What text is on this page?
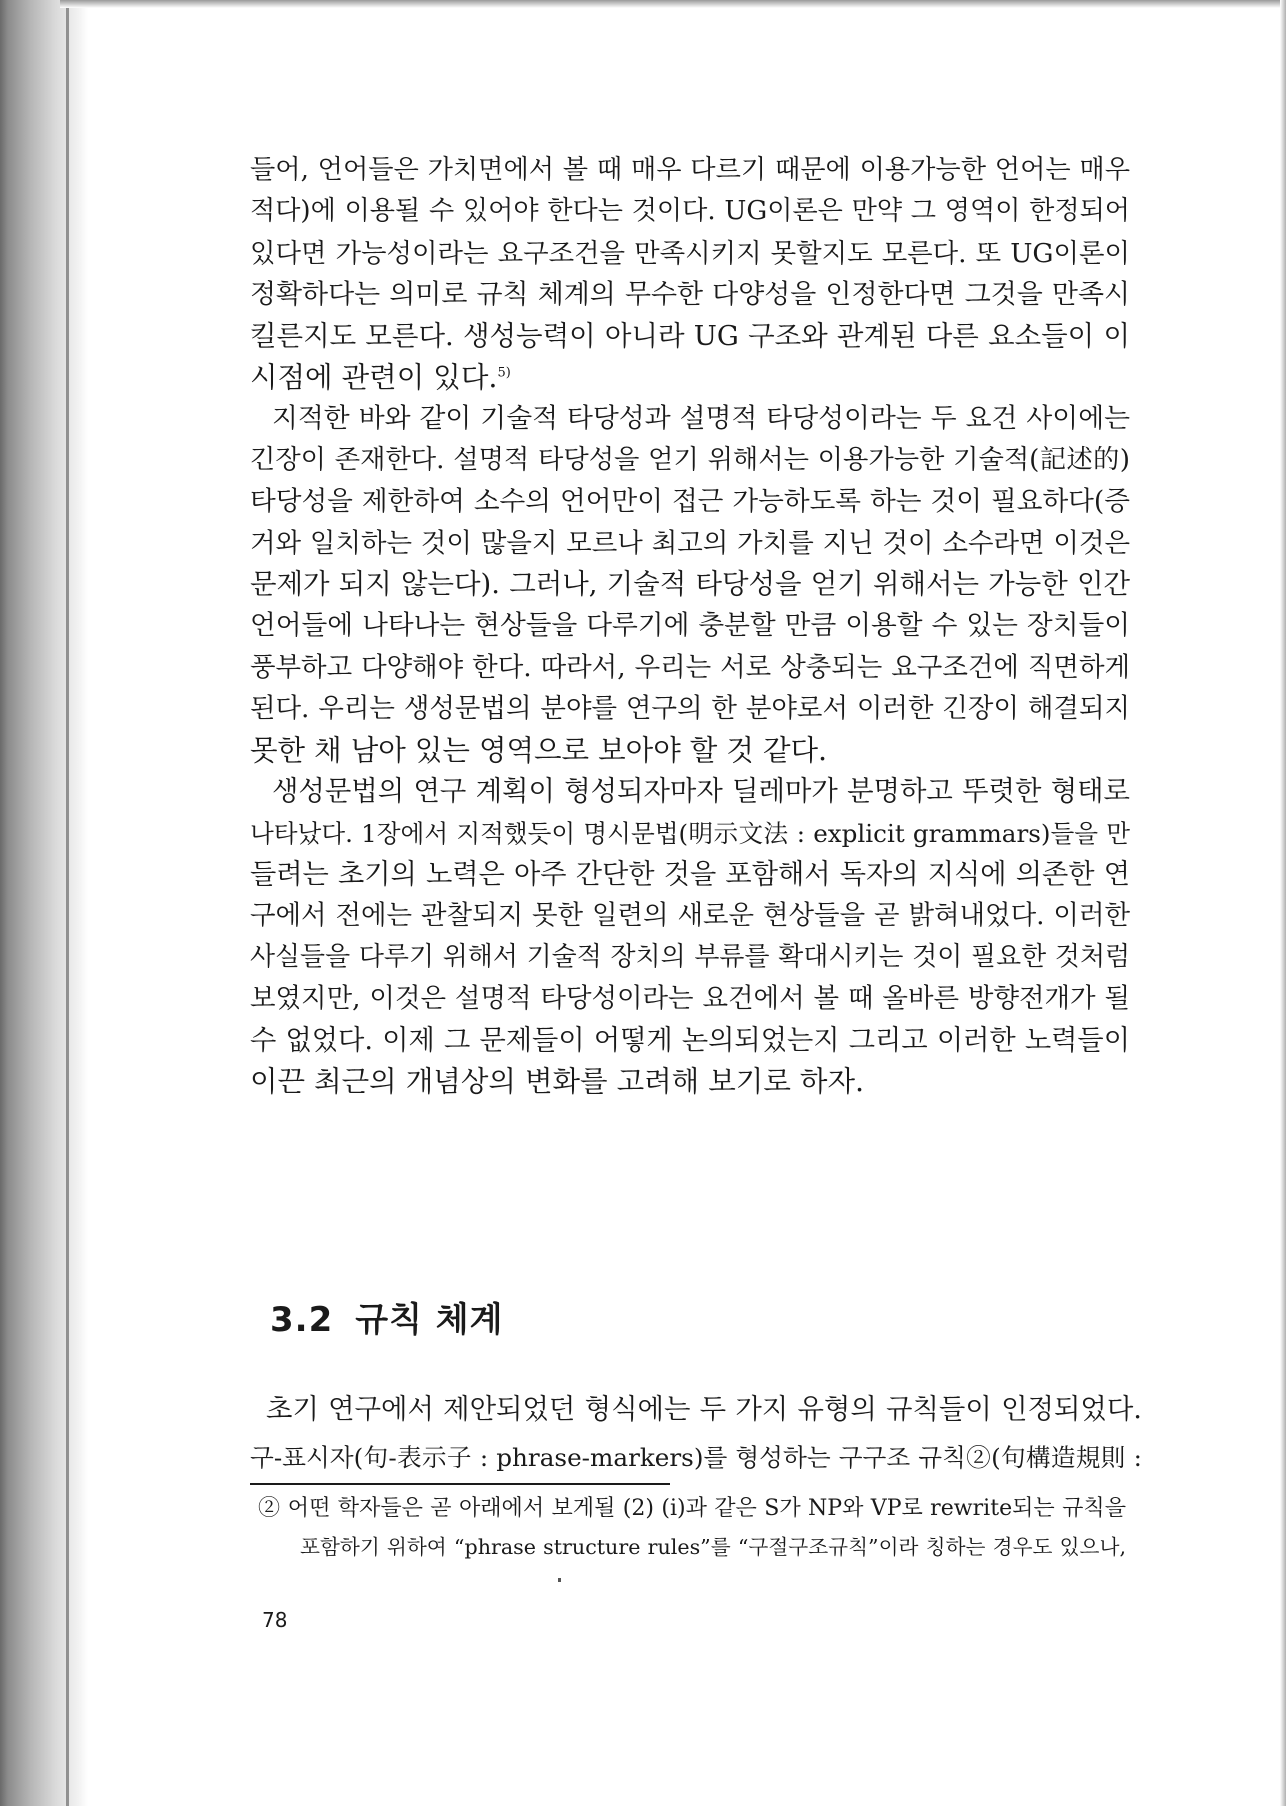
들어, 언어들은 가치면에서 볼 때 매우 다르기 때문에 이용가능한 언어는 매우
적다)에 이용될 수 있어야 한다는 것이다. UG이론은 만약 그 영역이 한정되어
있다면 가능성이라는 요구조건을 만족시키지 못할지도 모른다. 또 UG이론이
정확하다는 의미로 규칙 체계의 무수한 다양성을 인정한다면 그것을 만족시
킬른지도 모른다. 생성능력이 아니라 UG 구조와 관계된 다른 요소들이 이
시점에 관련이 있다.$^{5)}$

지적한 바와 같이 기술적 타당성과 설명적 타당성이라는 두 요건 사이에는
긴장이 존재한다. 설명적 타당성을 얻기 위해서는 이용가능한 기술적(記述的)
타당성을 제한하여 소수의 언어만이 접근 가능하도록 하는 것이 필요하다(증
거와 일치하는 것이 많을지 모르나 최고의 가치를 지닌 것이 소수라면 이것은
문제가 되지 않는다). 그러나, 기술적 타당성을 얻기 위해서는 가능한 인간
언어들에 나타나는 현상들을 다루기에 충분할 만큼 이용할 수 있는 장치들이
풍부하고 다양해야 한다. 따라서, 우리는 서로 상충되는 요구조건에 직면하게
된다. 우리는 생성문법의 분야를 연구의 한 분야로서 이러한 긴장이 해결되지
못한 채 남아 있는 영역으로 보아야 할 것 같다.

생성문법의 연구 계획이 형성되자마자 딜레마가 분명하고 뚜렷한 형태로
나타났다. 1장에서 지적했듯이 명시문법(明示文法 : explicit grammars)들을 만
들려는 초기의 노력은 아주 간단한 것을 포함해서 독자의 지식에 의존한 연
구에서 전에는 관찰되지 못한 일련의 새로운 현상들을 곧 밝혀내었다. 이러한
사실들을 다루기 위해서 기술적 장치의 부류를 확대시키는 것이 필요한 것처럼
보였지만, 이것은 설명적 타당성이라는 요건에서 볼 때 올바른 방향전개가 될
수 없었다. 이제 그 문제들이 어떻게 논의되었는지 그리고 이러한 노력들이
이끈 최근의 개념상의 변화를 고려해 보기로 하자.

3.2 규칙 체계

초기 연구에서 제안되었던 형식에는 두 가지 유형의 규칙들이 인정되었다.
구-표시자(句-表示子 : phrase-markers)를 형성하는 구구조 규칙②(句構造規則 :

② 어떤 학자들은 곧 아래에서 보게될 (2) (i)과 같은 S가 NP와 VP로 rewrite되는 규칙을
포함하기 위하여 “phrase structure rules”를 “구절구조규칙”이라 칭하는 경우도 있으나,

78
